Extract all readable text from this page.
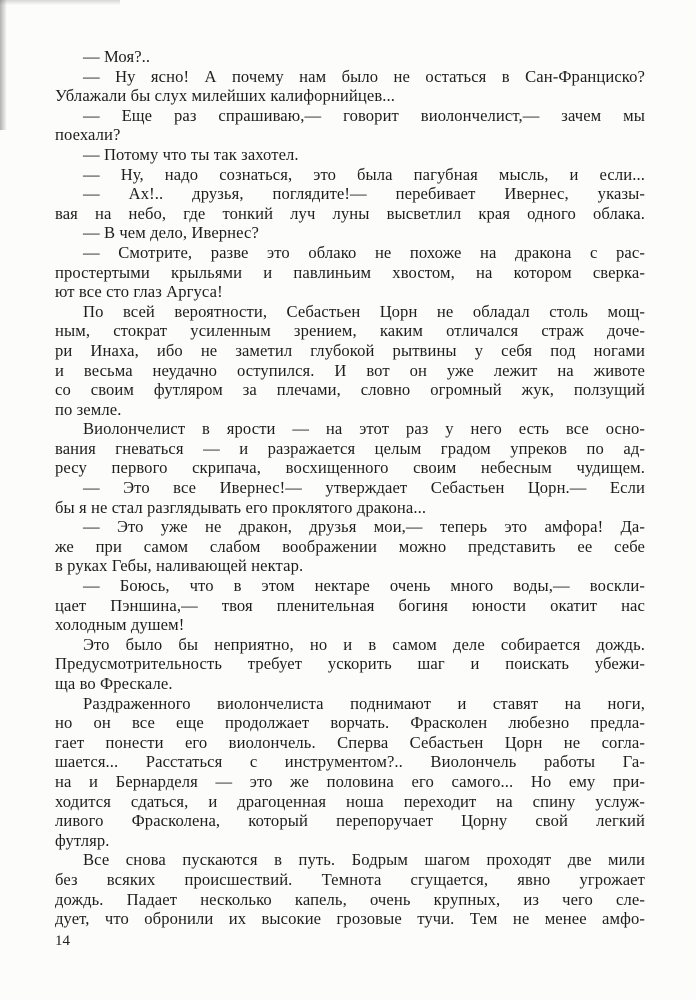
— Моя?..

— Ну ясно! А почему нам было не остаться в Сан-Франциско?
Ублажали бы слух милейших калифорнийцев...

— Еще раз спрашиваю,— говорит виолончелист,— зачем мы
поехали?

— Потому что ты так захотел.

— Ну, надо сознаться, это была пагубная мысль, и если...

— Ах!.. друзья, поглядите!— перебивает Ивернес, указы-
вая на небо, где тонкий луч луны высветлил края одного облака.

— В чем дело, Ивернес?

— Смотрите, разве это облако не похоже на дракона с рас-
простертыми крыльями и павлиньим хвостом, на котором сверка-
ют все сто глаз Аргуса!

По всей вероятности, Себастьен Цорн не обладал столь мощ-
ным, стократ усиленным зрением, каким отличался страж доче-
ри Инаха, ибо не заметил глубокой рытвины у себя под ногами
и весьма неудачно оступился. И вот он уже лежит на животе
со своим футляром за плечами, словно огромный жук, ползущий
по земле.

Виолончелист в ярости — на этот раз у него есть все осно-
вания гневаться — и разражается целым градом упреков по ад-
ресу первого скрипача, восхищенного своим небесным чудищем.

— Это все Ивернес!— утверждает Себастьен Цорн.— Если
бы я не стал разглядывать его проклятого дракона...

— Это уже не дракон, друзья мои,— теперь это амфора! Да-
же при самом слабом воображении можно представить ее себе
в руках Гебы, наливающей нектар.

— Боюсь, что в этом нектаре очень много воды,— воскли-
цает Пэншина,— твоя пленительная богиня юности окатит нас
холодным душем!

Это было бы неприятно, но и в самом деле собирается дождь.
Предусмотрительность требует ускорить шаг и поискать убежи-
ща во Фрескале.

Раздраженного виолончелиста поднимают и ставят на ноги,
но он все еще продолжает ворчать. Фрасколен любезно предла-
гает понести его виолончель. Сперва Себастьен Цорн не согла-
шается... Расстаться с инструментом?.. Виолончель работы Га-
на и Бернарделя — это же половина его самого... Но ему при-
ходится сдаться, и драгоценная ноша переходит на спину услуж-
ливого Фрасколена, который перепоручает Цорну свой легкий
футляр.

Все снова пускаются в путь. Бодрым шагом проходят две мили
без всяких происшествий. Темнота сгущается, явно угрожает
дождь. Падает несколько капель, очень крупных, из чего сле-
дует, что обронили их высокие грозовые тучи. Тем не менее амфо-

14
